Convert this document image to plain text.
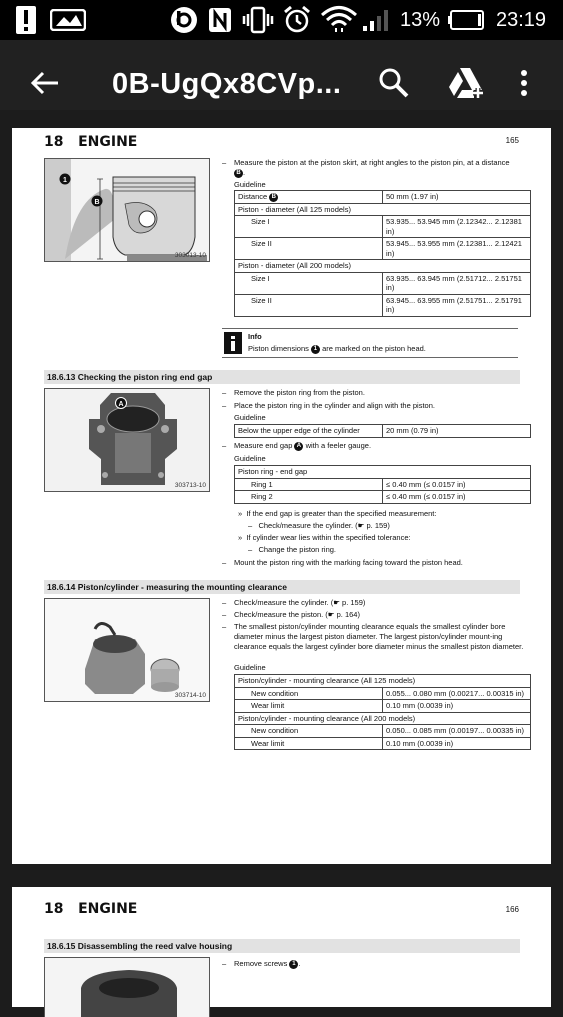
13%	23:19
0B-UgQx8CVp...
18 ENGINE	165
1
B
303013-10
– Measure the piston at the piston skirt, at right angles to the piston pin, at a distance B .
Guideline
Distance B	50 mm (1.97 in)
Piston - diameter (All 125 models)	
Size I	53.935... 53.945 mm (2.12342... 2.12381 in)
Size II	53.945... 53.955 mm (2.12381... 2.12421 in)
Piston - diameter (All 200 models)	
Size I	63.935... 63.945 mm (2.51712... 2.51751 in)
Size II	63.945... 63.955 mm (2.51751... 2.51791 in)
Info
Piston dimensions 1 are marked on the piston head.
18.6.13 Checking the piston ring end gap
A
303713-10
– Remove the piston ring from the piston.
– Place the piston ring in the cylinder and align with the piston.
Guideline
Below the upper edge of the cylinder	20 mm (0.79 in)
– Measure end gap A with a feeler gauge.
Guideline
Piston ring - end gap	
Ring 1	≤ 0.40 mm (≤ 0.0157 in)
Ring 2	≤ 0.40 mm (≤ 0.0157 in)
»  If the end gap is greater than the specified measurement:
–   Check/measure the cylinder. (☛ p. 159)
»  If cylinder wear lies within the specified tolerance:
–   Change the piston ring.
– Mount the piston ring with the marking facing toward the piston head.
18.6.14 Piston/cylinder - measuring the mounting clearance
303714-10
– Check/measure the cylinder. (☛ p. 159)
– Check/measure the piston. (☛ p. 164)
– The smallest piston/cylinder mounting clearance equals the smallest cylinder bore diameter minus the largest piston diameter. The largest piston/cylinder mount-ing clearance equals the largest cylinder bore diameter minus the smallest piston diameter.
Guideline
Piston/cylinder - mounting clearance (All 125 models)	
New condition	0.055... 0.080 mm (0.00217... 0.00315 in)
Wear limit	0.10 mm (0.0039 in)
Piston/cylinder - mounting clearance (All 200 models)	
New condition	0.050... 0.085 mm (0.00197... 0.00335 in)
Wear limit	0.10 mm (0.0039 in)
18 ENGINE	166
18.6.15 Disassembling the reed valve housing
– Remove screws 1 .
